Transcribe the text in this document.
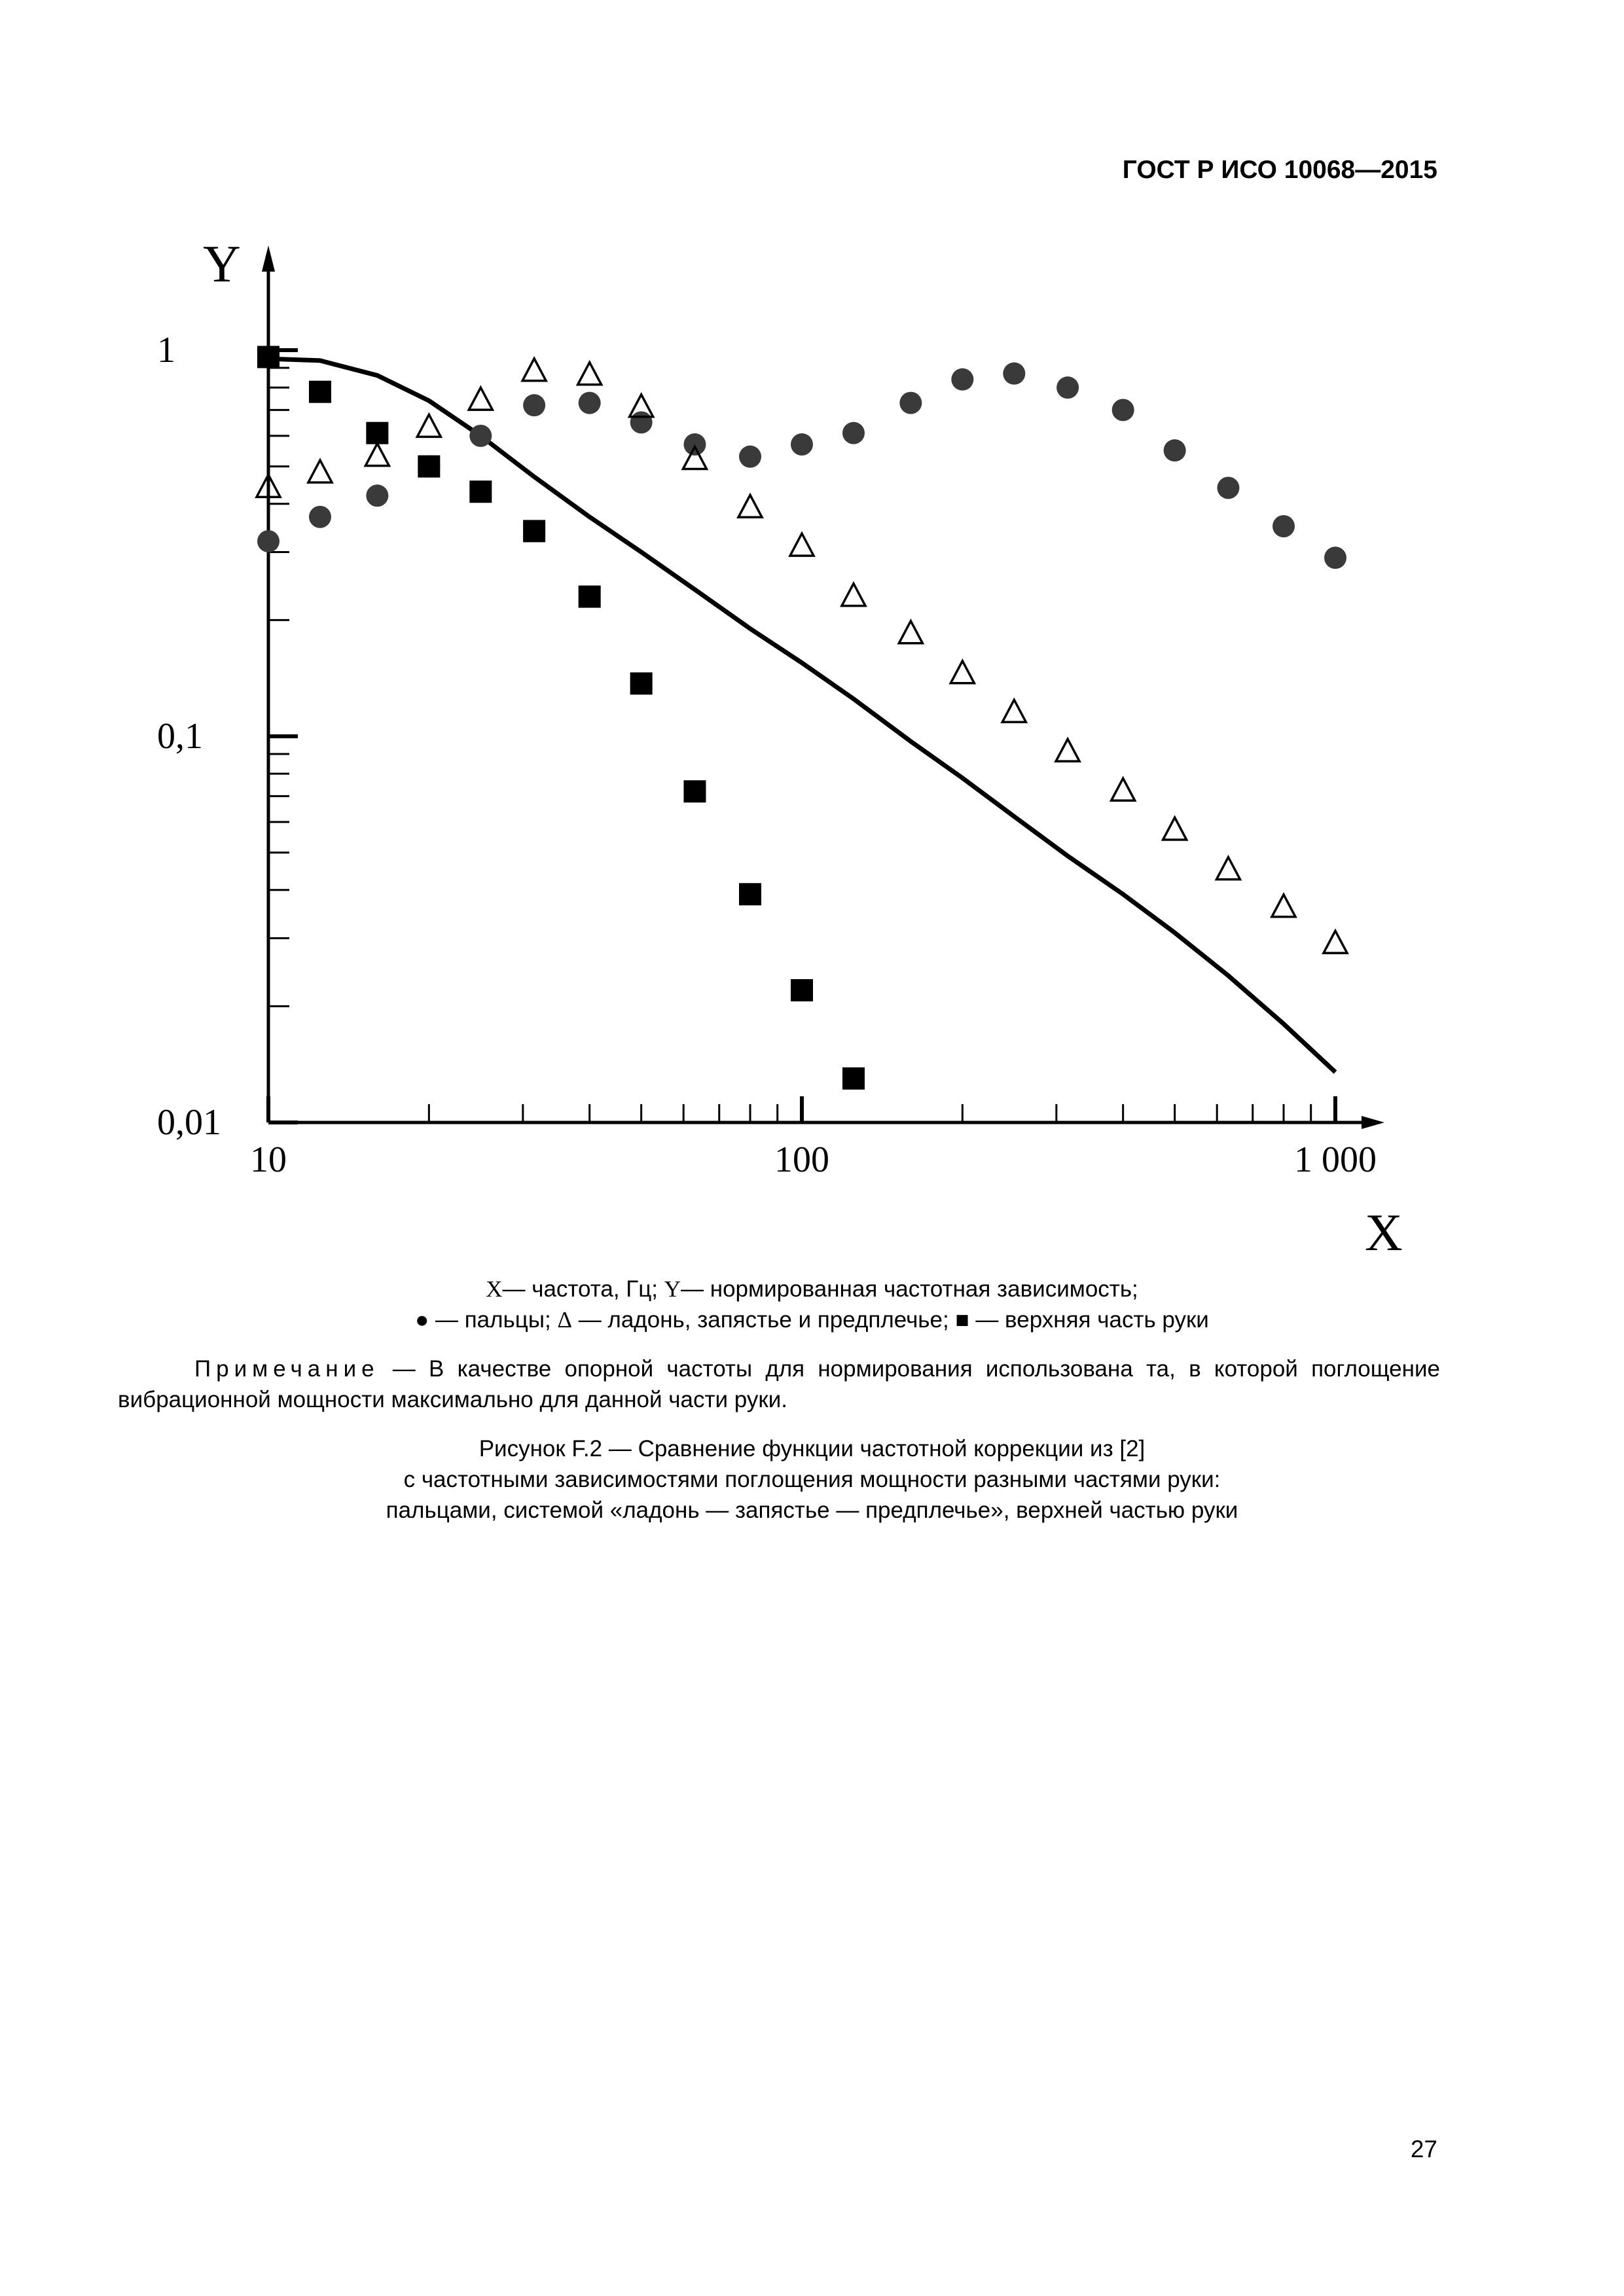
ГОСТ Р ИСО 10068—2015
10	100	1 000
1
0,1
0,01
X
Y
X— частота, Гц; Y— нормированная частотная зависимость;
● — пальцы; Δ — ладонь, запястье и предплечье; ■ — верхняя часть руки
Примечание — В качестве опорной частоты для нормирования использована та, в которой поглощение вибрационной мощности максимально для данной части руки.
Рисунок F.2 — Сравнение функции частотной коррекции из [2]
с частотными зависимостями поглощения мощности разными частями руки:
пальцами, системой «ладонь — запястье — предплечье», верхней частью руки
27
